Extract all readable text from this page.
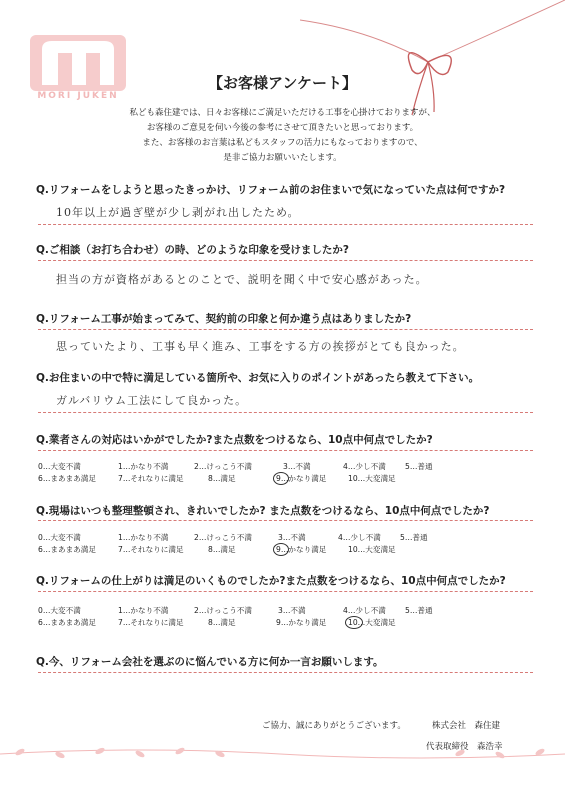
MORI JUKEN
【お客様アンケート】
私ども森住建では、日々お客様にご満足いただける工事を心掛けておりますが、
お客様のご意見を伺い今後の参考にさせて頂きたいと思っております。
また、お客様のお言葉は私どもスタッフの活力にもなっておりますので、
是非ご協力お願いいたします。
Q.リフォームをしようと思ったきっかけ、リフォーム前のお住まいで気になっていた点は何ですか?
10年以上が過ぎ壁が少し剥がれ出したため。
Q.ご相談（お打ち合わせ）の時、どのような印象を受けましたか?
担当の方が資格があるとのことで、説明を聞く中で安心感があった。
Q.リフォーム工事が始まってみて、契約前の印象と何か違う点はありましたか?
思っていたより、工事も早く進み、工事をする方の挨拶がとても良かった。
Q.お住まいの中で特に満足している箇所や、お気に入りのポイントがあったら教えて下さい。
ガルバリウム工法にして良かった。
Q.業者さんの対応はいかがでしたか?また点数をつけるなら、10点中何点でしたか?
0…大変不満	1…かなり不満	2…けっこう不満	3…不満	4…少し不満	5…普通
6…まあまあ満足	7…それなりに満足	8…満足	9…かなり満足	10…大変満足
Q.現場はいつも整理整頓され、きれいでしたか? また点数をつけるなら、10点中何点でしたか?
0…大変不満	1…かなり不満	2…けっこう不満	3…不満	4…少し不満	5…普通
6…まあまあ満足	7…それなりに満足	8…満足	9…かなり満足	10…大変満足
Q.リフォームの仕上がりは満足のいくものでしたか?また点数をつけるなら、10点中何点でしたか?
0…大変不満	1…かなり不満	2…けっこう不満	3…不満	4…少し不満	5…普通
6…まあまあ満足	7…それなりに満足	8…満足	9…かなり満足	10…大変満足
Q.今、リフォーム会社を選ぶのに悩んでいる方に何か一言お願いします。
ご協力、誠にありがとうございます。	株式会社　森住建
代表取締役　森浩幸
